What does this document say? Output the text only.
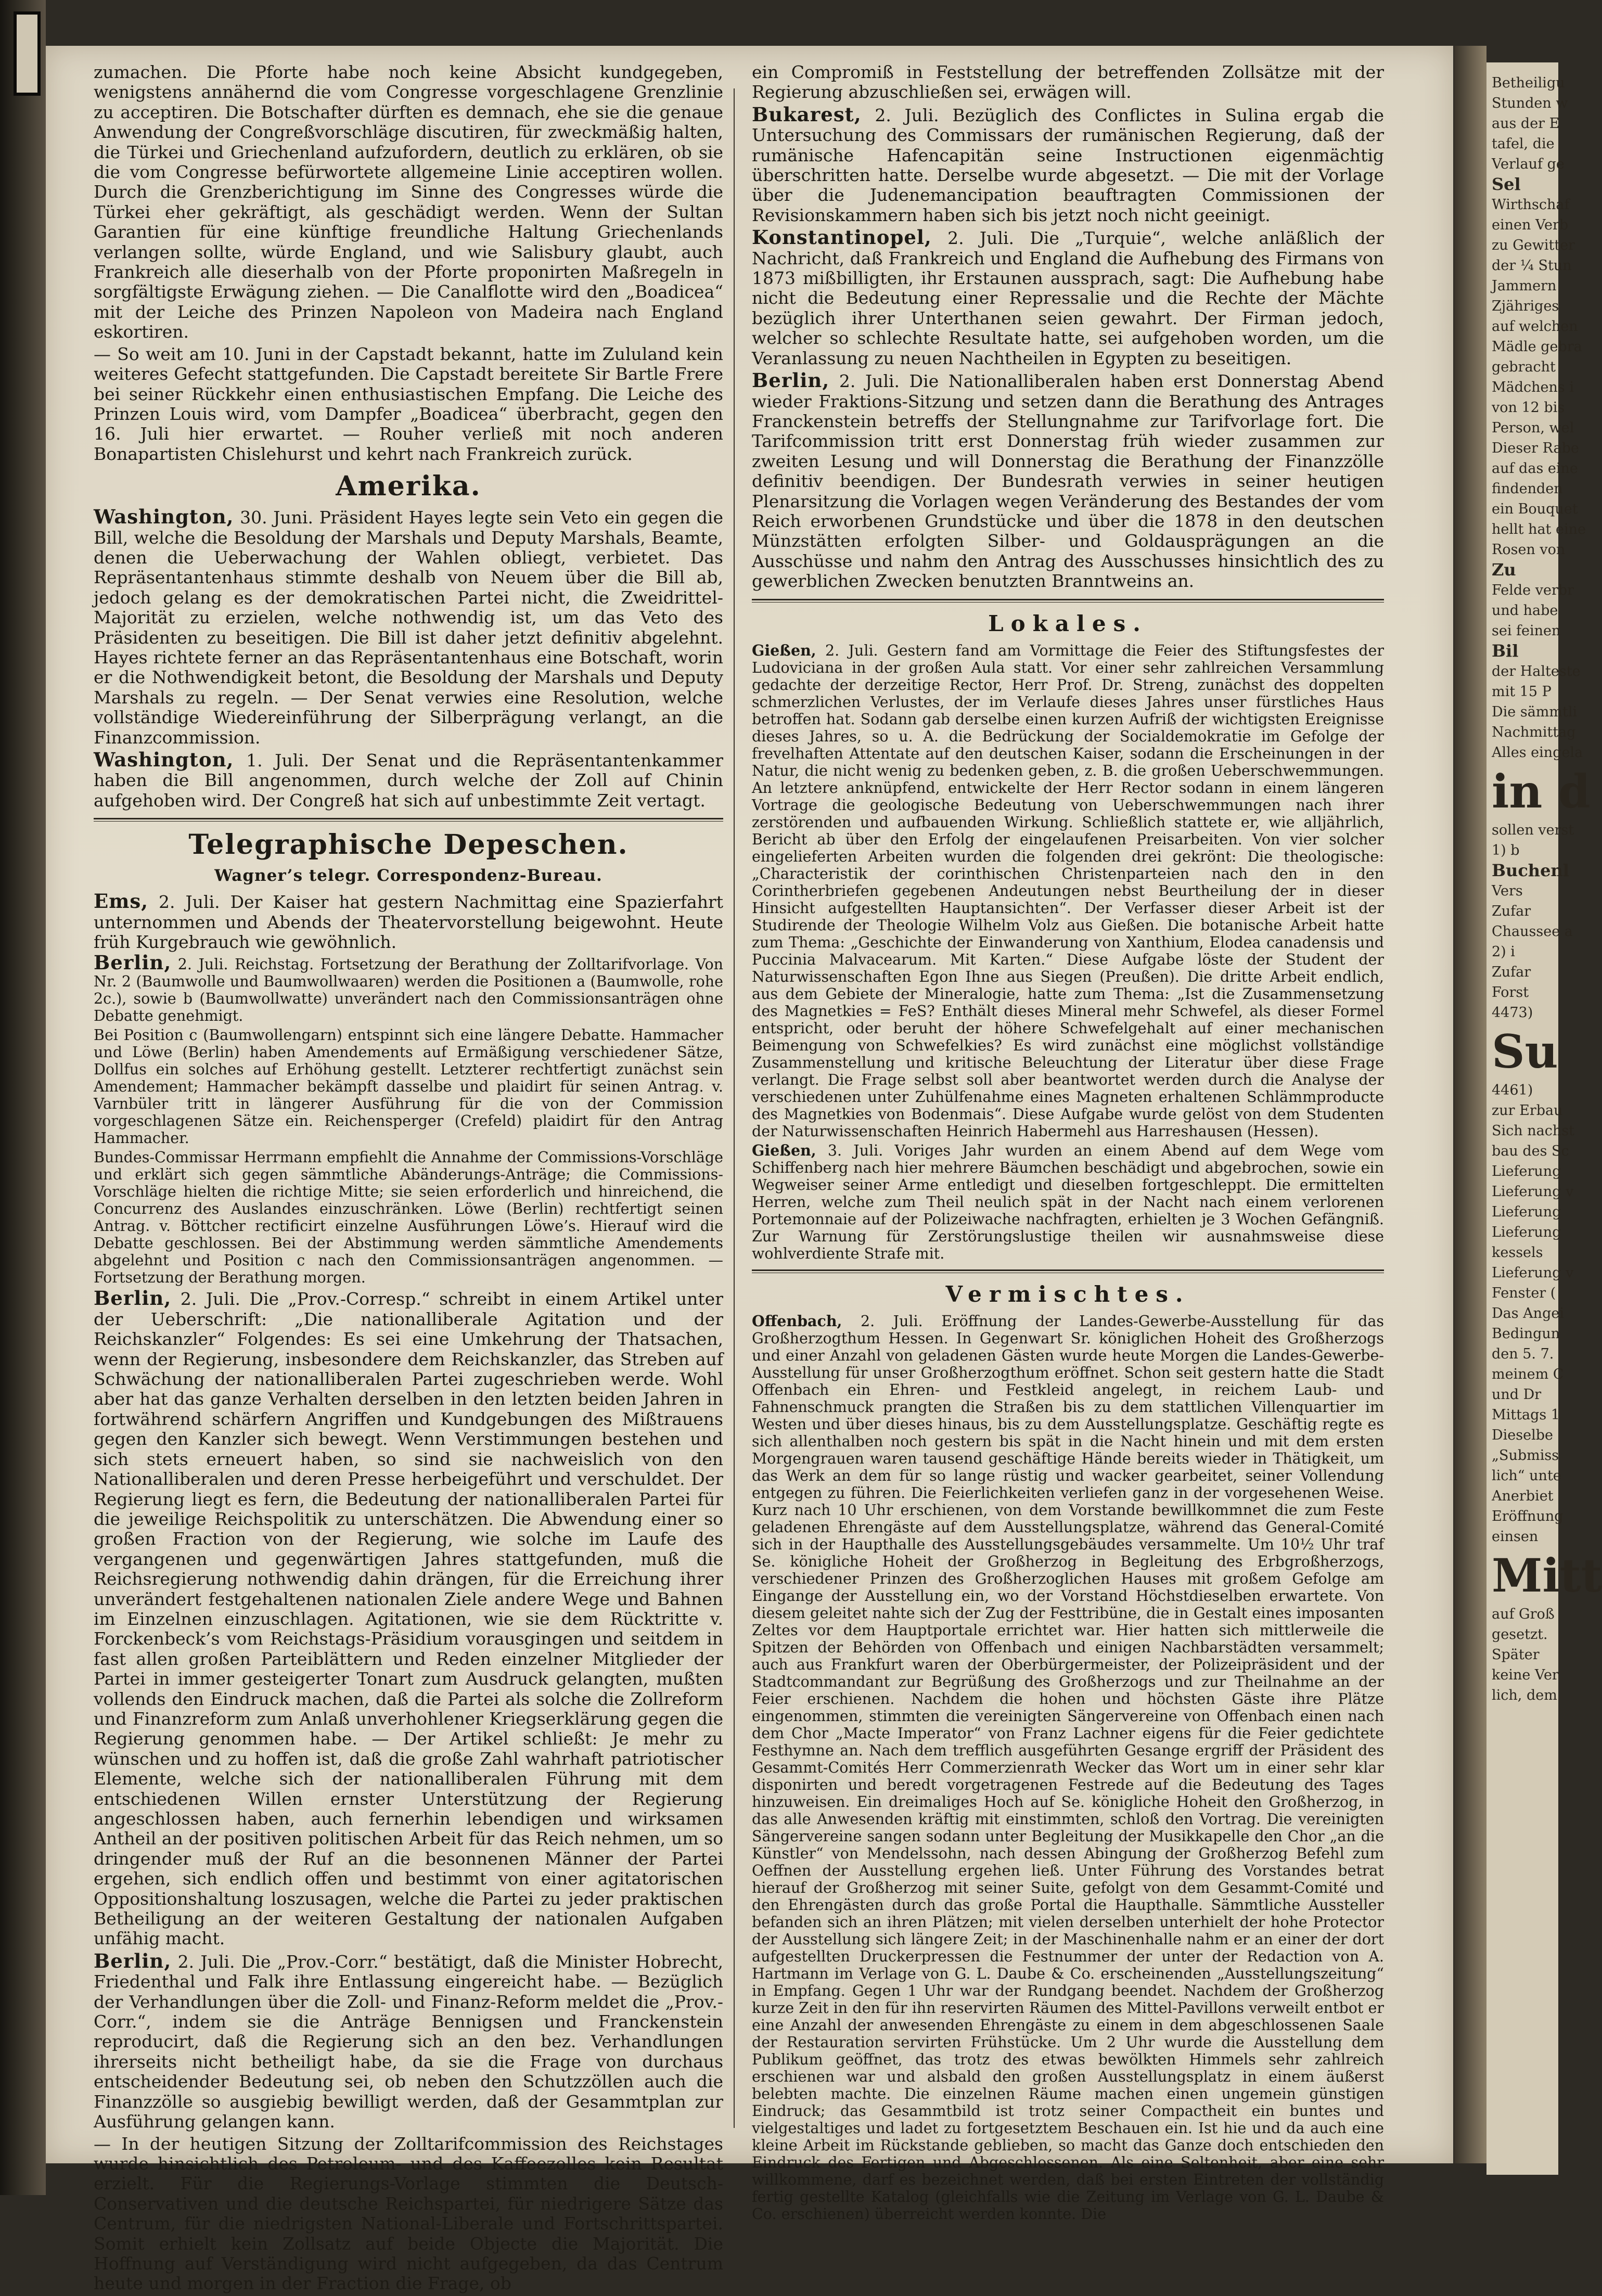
Betheiligu
Stunden w
aus der E
tafel, die
Verlauf ge
Sel
Wirthschaf
einen Verb
zu Gewitter
der ¼ Stun
Jammern
Zjähriges
auf welchen
Mädle gebra
gebracht
Mädchens i
von 12 bis
Person, wel
Dieser Rabe
auf das eine
findenden
ein Bouquet
hellt hat eine
Rosen von
Zu
Felde verbr
und habe
sei feinen
Bil
der Halteste
mit 15 P
Die sämmtli
Nachmittag
Alles eingela
in d
sollen verst
1) b
Buchenl
Vers
Zufar
Chaussee a
2) i
Zufar
Forst
4473)
Su
4461)
zur Erbau
Sich nachst
bau des Sc
Lieferung
Lieferung v
Lieferung
Lieferung
kessels
Lieferung v
Fenster (
Das Angei
Bedingun
den 5. 7.
meinem C
und Dr
Mittags 1
Dieselbe
„Submiss
lich“ unte
Anerbiet
Eröffnung
einsen
Mitt
auf Groß
gesetzt.
Später
keine Ver
lich, dem

zumachen. Die Pforte habe noch keine Absicht kundgegeben, wenigstens annähernd die vom Congresse vorgeschlagene Grenzlinie zu acceptiren. Die Botschafter dürften es demnach, ehe sie die genaue Anwendung der Congreßvorschläge discutiren, für zweckmäßig halten, die Türkei und Griechenland aufzufordern, deutlich zu erklären, ob sie die vom Congresse befürwortete allgemeine Linie acceptiren wollen. Durch die Grenzberichtigung im Sinne des Congresses würde die Türkei eher gekräftigt, als geschädigt werden. Wenn der Sultan Garantien für eine künftige freundliche Haltung Griechenlands verlangen sollte, würde England, und wie Salisbury glaubt, auch Frankreich alle dieserhalb von der Pforte proponirten Maßregeln in sorgfältigste Erwägung ziehen. — Die Canalflotte wird den „Boadicea“ mit der Leiche des Prinzen Napoleon von Madeira nach England eskortiren.

— So weit am 10. Juni in der Capstadt bekannt, hatte im Zululand kein weiteres Gefecht stattgefunden. Die Capstadt bereitete Sir Bartle Frere bei seiner Rückkehr einen enthusiastischen Empfang. Die Leiche des Prinzen Louis wird, vom Dampfer „Boadicea“ überbracht, gegen den 16. Juli hier erwartet. — Rouher verließ mit noch anderen Bonapartisten Chislehurst und kehrt nach Frankreich zurück.

Amerika.

Washington, 30. Juni. Präsident Hayes legte sein Veto ein gegen die Bill, welche die Besoldung der Marshals und Deputy Marshals, Beamte, denen die Ueberwachung der Wahlen obliegt, verbietet. Das Repräsentantenhaus stimmte deshalb von Neuem über die Bill ab, jedoch gelang es der demokratischen Partei nicht, die Zweidrittel-Majorität zu erzielen, welche nothwendig ist, um das Veto des Präsidenten zu beseitigen. Die Bill ist daher jetzt definitiv abgelehnt. Hayes richtete ferner an das Repräsentantenhaus eine Botschaft, worin er die Nothwendigkeit betont, die Besoldung der Marshals und Deputy Marshals zu regeln. — Der Senat verwies eine Resolution, welche vollständige Wiedereinführung der Silberprägung verlangt, an die Finanzcommission.

Washington, 1. Juli. Der Senat und die Repräsentantenkammer haben die Bill angenommen, durch welche der Zoll auf Chinin aufgehoben wird. Der Congreß hat sich auf unbestimmte Zeit vertagt.

Telegraphische Depeschen.
Wagner’s telegr. Correspondenz-Bureau.

Ems, 2. Juli. Der Kaiser hat gestern Nachmittag eine Spazierfahrt unternommen und Abends der Theatervorstellung beigewohnt. Heute früh Kurgebrauch wie gewöhnlich.

Berlin, 2. Juli. Reichstag. Fortsetzung der Berathung der Zolltarifvorlage. Von Nr. 2 (Baumwolle und Baumwollwaaren) werden die Positionen a (Baumwolle, rohe 2c.), sowie b (Baumwollwatte) unverändert nach den Commissionsanträgen ohne Debatte genehmigt.

Bei Position c (Baumwollengarn) entspinnt sich eine längere Debatte. Hammacher und Löwe (Berlin) haben Amendements auf Ermäßigung verschiedener Sätze, Dollfus ein solches auf Erhöhung gestellt. Letzterer rechtfertigt zunächst sein Amendement; Hammacher bekämpft dasselbe und plaidirt für seinen Antrag. v. Varnbüler tritt in längerer Ausführung für die von der Commission vorgeschlagenen Sätze ein. Reichensperger (Crefeld) plaidirt für den Antrag Hammacher.

Bundes-Commissar Herrmann empfiehlt die Annahme der Commissions-Vorschläge und erklärt sich gegen sämmtliche Abänderungs-Anträge; die Commissions-Vorschläge hielten die richtige Mitte; sie seien erforderlich und hinreichend, die Concurrenz des Auslandes einzuschränken. Löwe (Berlin) rechtfertigt seinen Antrag. v. Böttcher rectificirt einzelne Ausführungen Löwe’s. Hierauf wird die Debatte geschlossen. Bei der Abstimmung werden sämmtliche Amendements abgelehnt und Position c nach den Commissionsanträgen angenommen. — Fortsetzung der Berathung morgen.

Berlin, 2. Juli. Die „Prov.-Corresp.“ schreibt in einem Artikel unter der Ueberschrift: „Die nationalliberale Agitation und der Reichskanzler“ Folgendes: Es sei eine Umkehrung der Thatsachen, wenn der Regierung, insbesondere dem Reichskanzler, das Streben auf Schwächung der nationalliberalen Partei zugeschrieben werde. Wohl aber hat das ganze Verhalten derselben in den letzten beiden Jahren in fortwährend schärfern Angriffen und Kundgebungen des Mißtrauens gegen den Kanzler sich bewegt. Wenn Verstimmungen bestehen und sich stets erneuert haben, so sind sie nachweislich von den Nationalliberalen und deren Presse herbeigeführt und verschuldet. Der Regierung liegt es fern, die Bedeutung der nationalliberalen Partei für die jeweilige Reichspolitik zu unterschätzen. Die Abwendung einer so großen Fraction von der Regierung, wie solche im Laufe des vergangenen und gegenwärtigen Jahres stattgefunden, muß die Reichsregierung nothwendig dahin drängen, für die Erreichung ihrer unverändert festgehaltenen nationalen Ziele andere Wege und Bahnen im Einzelnen einzuschlagen. Agitationen, wie sie dem Rücktritte v. Forckenbeck’s vom Reichstags-Präsidium vorausgingen und seitdem in fast allen großen Parteiblättern und Reden einzelner Mitglieder der Partei in immer gesteigerter Tonart zum Ausdruck gelangten, mußten vollends den Eindruck machen, daß die Partei als solche die Zollreform und Finanzreform zum Anlaß unverhohlener Kriegserklärung gegen die Regierung genommen habe. — Der Artikel schließt: Je mehr zu wünschen und zu hoffen ist, daß die große Zahl wahrhaft patriotischer Elemente, welche sich der nationalliberalen Führung mit dem entschiedenen Willen ernster Unterstützung der Regierung angeschlossen haben, auch fernerhin lebendigen und wirksamen Antheil an der positiven politischen Arbeit für das Reich nehmen, um so dringender muß der Ruf an die besonnenen Männer der Partei ergehen, sich endlich offen und bestimmt von einer agitatorischen Oppositionshaltung loszusagen, welche die Partei zu jeder praktischen Betheiligung an der weiteren Gestaltung der nationalen Aufgaben unfähig macht.

Berlin, 2. Juli. Die „Prov.-Corr.“ bestätigt, daß die Minister Hobrecht, Friedenthal und Falk ihre Entlassung eingereicht habe. — Bezüglich der Verhandlungen über die Zoll- und Finanz-Reform meldet die „Prov.-Corr.“, indem sie die Anträge Bennigsen und Franckenstein reproducirt, daß die Regierung sich an den bez. Verhandlungen ihrerseits nicht betheiligt habe, da sie die Frage von durchaus entscheidender Bedeutung sei, ob neben den Schutzzöllen auch die Finanzzölle so ausgiebig bewilligt werden, daß der Gesammtplan zur Ausführung gelangen kann.

— In der heutigen Sitzung der Zolltarifcommission des Reichstages wurde hinsichtlich des Petroleum- und des Kaffeezolles kein Resultat erzielt. Für die Regierungs-Vorlage stimmten die Deutsch-Conservativen und die deutsche Reichspartei, für niedrigere Sätze das Centrum, für die niedrigsten National-Liberale und Fortschrittspartei. Somit erhielt kein Zollsatz auf beide Objecte die Majorität. Die Hoffnung auf Verständigung wird nicht aufgegeben, da das Centrum heute und morgen in der Fraction die Frage, ob

ein Compromiß in Feststellung der betreffenden Zollsätze mit der Regierung abzuschließen sei, erwägen will.

Bukarest, 2. Juli. Bezüglich des Conflictes in Sulina ergab die Untersuchung des Commissars der rumänischen Regierung, daß der rumänische Hafencapitän seine Instructionen eigenmächtig überschritten hatte. Derselbe wurde abgesetzt. — Die mit der Vorlage über die Judenemancipation beauftragten Commissionen der Revisionskammern haben sich bis jetzt noch nicht geeinigt.

Konstantinopel, 2. Juli. Die „Turquie“, welche anläßlich der Nachricht, daß Frankreich und England die Aufhebung des Firmans von 1873 mißbilligten, ihr Erstaunen aussprach, sagt: Die Aufhebung habe nicht die Bedeutung einer Repressalie und die Rechte der Mächte bezüglich ihrer Unterthanen seien gewahrt. Der Firman jedoch, welcher so schlechte Resultate hatte, sei aufgehoben worden, um die Veranlassung zu neuen Nachtheilen in Egypten zu beseitigen.

Berlin, 2. Juli. Die Nationalliberalen haben erst Donnerstag Abend wieder Fraktions-Sitzung und setzen dann die Berathung des Antrages Franckenstein betreffs der Stellungnahme zur Tarifvorlage fort. Die Tarifcommission tritt erst Donnerstag früh wieder zusammen zur zweiten Lesung und will Donnerstag die Berathung der Finanzzölle definitiv beendigen. Der Bundesrath verwies in seiner heutigen Plenarsitzung die Vorlagen wegen Veränderung des Bestandes der vom Reich erworbenen Grundstücke und über die 1878 in den deutschen Münzstätten erfolgten Silber- und Goldausprägungen an die Ausschüsse und nahm den Antrag des Ausschusses hinsichtlich des zu gewerblichen Zwecken benutzten Branntweins an.

Lokales.

Gießen, 2. Juli. Gestern fand am Vormittage die Feier des Stiftungsfestes der Ludoviciana in der großen Aula statt. Vor einer sehr zahlreichen Versammlung gedachte der derzeitige Rector, Herr Prof. Dr. Streng, zunächst des doppelten schmerzlichen Verlustes, der im Verlaufe dieses Jahres unser fürstliches Haus betroffen hat. Sodann gab derselbe einen kurzen Aufriß der wichtigsten Ereignisse dieses Jahres, so u. A. die Bedrückung der Socialdemokratie im Gefolge der frevelhaften Attentate auf den deutschen Kaiser, sodann die Erscheinungen in der Natur, die nicht wenig zu bedenken geben, z. B. die großen Ueberschwemmungen. An letztere anknüpfend, entwickelte der Herr Rector sodann in einem längeren Vortrage die geologische Bedeutung von Ueberschwemmungen nach ihrer zerstörenden und aufbauenden Wirkung. Schließlich stattete er, wie alljährlich, Bericht ab über den Erfolg der eingelaufenen Preisarbeiten. Von vier solcher eingelieferten Arbeiten wurden die folgenden drei gekrönt: Die theologische: „Characteristik der corinthischen Christenparteien nach den in den Corintherbriefen gegebenen Andeutungen nebst Beurtheilung der in dieser Hinsicht aufgestellten Hauptansichten“. Der Verfasser dieser Arbeit ist der Studirende der Theologie Wilhelm Volz aus Gießen. Die botanische Arbeit hatte zum Thema: „Geschichte der Einwanderung von Xanthium, Elodea canadensis und Puccinia Malvacearum. Mit Karten.“ Diese Aufgabe löste der Student der Naturwissenschaften Egon Ihne aus Siegen (Preußen). Die dritte Arbeit endlich, aus dem Gebiete der Mineralogie, hatte zum Thema: „Ist die Zusammensetzung des Magnetkies = FeS? Enthält dieses Mineral mehr Schwefel, als dieser Formel entspricht, oder beruht der höhere Schwefelgehalt auf einer mechanischen Beimengung von Schwefelkies? Es wird zunächst eine möglichst vollständige Zusammenstellung und kritische Beleuchtung der Literatur über diese Frage verlangt. Die Frage selbst soll aber beantwortet werden durch die Analyse der verschiedenen unter Zuhülfenahme eines Magneten erhaltenen Schlämmproducte des Magnetkies von Bodenmais“. Diese Aufgabe wurde gelöst von dem Studenten der Naturwissenschaften Heinrich Habermehl aus Harreshausen (Hessen).

Gießen, 3. Juli. Voriges Jahr wurden an einem Abend auf dem Wege vom Schiffenberg nach hier mehrere Bäumchen beschädigt und abgebrochen, sowie ein Wegweiser seiner Arme entledigt und dieselben fortgeschleppt. Die ermittelten Herren, welche zum Theil neulich spät in der Nacht nach einem verlorenen Portemonnaie auf der Polizeiwache nachfragten, erhielten je 3 Wochen Gefängniß. Zur Warnung für Zerstörungslustige theilen wir ausnahmsweise diese wohlverdiente Strafe mit.

Vermischtes.

Offenbach, 2. Juli. Eröffnung der Landes-Gewerbe-Ausstellung für das Großherzogthum Hessen. In Gegenwart Sr. königlichen Hoheit des Großherzogs und einer Anzahl von geladenen Gästen wurde heute Morgen die Landes-Gewerbe-Ausstellung für unser Großherzogthum eröffnet. Schon seit gestern hatte die Stadt Offenbach ein Ehren- und Festkleid angelegt, in reichem Laub- und Fahnenschmuck prangten die Straßen bis zu dem stattlichen Villenquartier im Westen und über dieses hinaus, bis zu dem Ausstellungsplatze. Geschäftig regte es sich allenthalben noch gestern bis spät in die Nacht hinein und mit dem ersten Morgengrauen waren tausend geschäftige Hände bereits wieder in Thätigkeit, um das Werk an dem für so lange rüstig und wacker gearbeitet, seiner Vollendung entgegen zu führen. Die Feierlichkeiten verliefen ganz in der vorgesehenen Weise. Kurz nach 10 Uhr erschienen, von dem Vorstande bewillkommnet die zum Feste geladenen Ehrengäste auf dem Ausstellungsplatze, während das General-Comité sich in der Haupthalle des Ausstellungsgebäudes versammelte. Um 10½ Uhr traf Se. königliche Hoheit der Großherzog in Begleitung des Erbgroßherzogs, verschiedener Prinzen des Großherzoglichen Hauses mit großem Gefolge am Eingange der Ausstellung ein, wo der Vorstand Höchstdieselben erwartete. Von diesem geleitet nahte sich der Zug der Festtribüne, die in Gestalt eines imposanten Zeltes vor dem Hauptportale errichtet war. Hier hatten sich mittlerweile die Spitzen der Behörden von Offenbach und einigen Nachbarstädten versammelt; auch aus Frankfurt waren der Oberbürgermeister, der Polizeipräsident und der Stadtcommandant zur Begrüßung des Großherzogs und zur Theilnahme an der Feier erschienen. Nachdem die hohen und höchsten Gäste ihre Plätze eingenommen, stimmten die vereinigten Sängervereine von Offenbach einen nach dem Chor „Macte Imperator“ von Franz Lachner eigens für die Feier gedichtete Festhymne an. Nach dem trefflich ausgeführten Gesange ergriff der Präsident des Gesammt-Comités Herr Commerzienrath Wecker das Wort um in einer sehr klar disponirten und beredt vorgetragenen Festrede auf die Bedeutung des Tages hinzuweisen. Ein dreimaliges Hoch auf Se. königliche Hoheit den Großherzog, in das alle Anwesenden kräftig mit einstimmten, schloß den Vortrag. Die vereinigten Sängervereine sangen sodann unter Begleitung der Musikkapelle den Chor „an die Künstler“ von Mendelssohn, nach dessen Abingung der Großherzog Befehl zum Oeffnen der Ausstellung ergehen ließ. Unter Führung des Vorstandes betrat hierauf der Großherzog mit seiner Suite, gefolgt von dem Gesammt-Comité und den Ehrengästen durch das große Portal die Haupthalle. Sämmtliche Aussteller befanden sich an ihren Plätzen; mit vielen derselben unterhielt der hohe Protector der Ausstellung sich längere Zeit; in der Maschinenhalle nahm er an einer der dort aufgestellten Druckerpressen die Festnummer der unter der Redaction von A. Hartmann im Verlage von G. L. Daube & Co. erscheinenden „Ausstellungszeitung“ in Empfang. Gegen 1 Uhr war der Rundgang beendet. Nachdem der Großherzog kurze Zeit in den für ihn reservirten Räumen des Mittel-Pavillons verweilt entbot er eine Anzahl der anwesenden Ehrengäste zu einem in dem abgeschlossenen Saale der Restauration servirten Frühstücke. Um 2 Uhr wurde die Ausstellung dem Publikum geöffnet, das trotz des etwas bewölkten Himmels sehr zahlreich erschienen war und alsbald den großen Ausstellungsplatz in einem äußerst belebten machte. Die einzelnen Räume machen einen ungemein günstigen Eindruck; das Gesammtbild ist trotz seiner Compactheit ein buntes und vielgestaltiges und ladet zu fortgesetztem Beschauen ein. Ist hie und da auch eine kleine Arbeit im Rückstande geblieben, so macht das Ganze doch entschieden den Eindruck des Fertigen und Abgeschlossenen. Als eine Seltenheit, aber eine sehr willkommene, darf es bezeichnet werden, daß bei ersten Eintreten der vollständig fertig gestellte Katalog (gleichfalls wie die Zeitung im Verlage von G. L. Daube & Co. erschienen) überreicht werden konnte. Die
